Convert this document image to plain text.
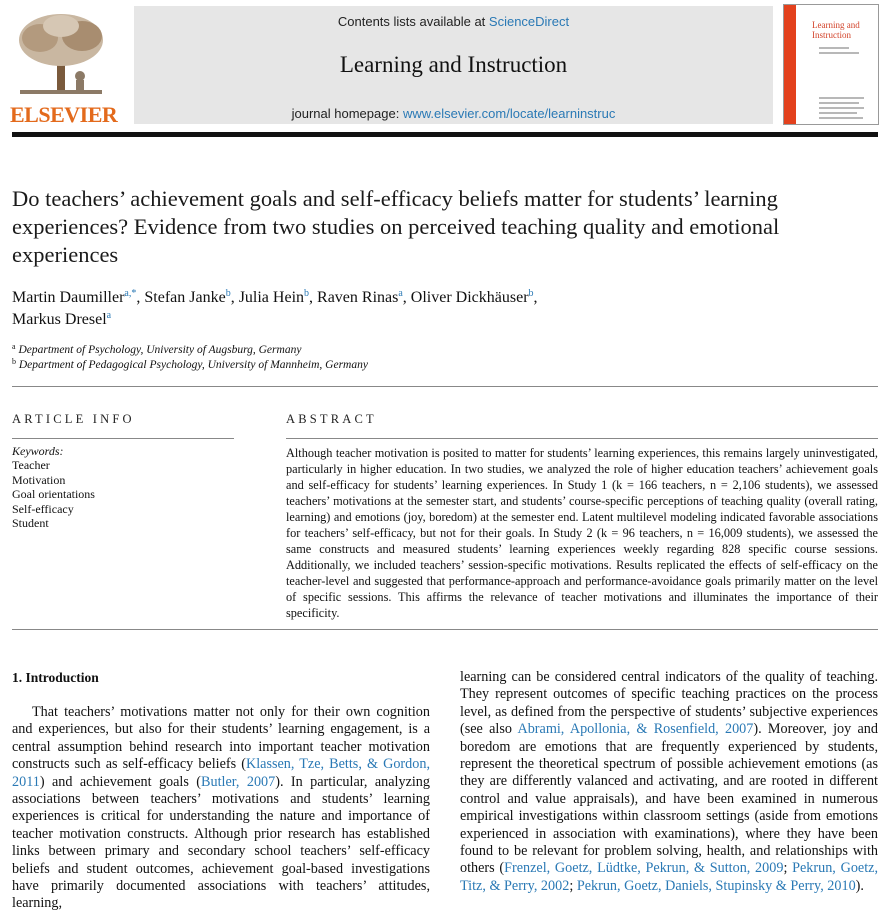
ELSEVIER
Contents lists available at ScienceDirect
Learning and Instruction
journal homepage: www.elsevier.com/locate/learninstruc
Learning and Instruction
Do teachers’ achievement goals and self-efficacy beliefs matter for students’ learning experiences? Evidence from two studies on perceived teaching quality and emotional experiences
Martin Daumiller$^{a,*}$, Stefan Janke$^b$, Julia Hein$^b$, Raven Rinas$^a$, Oliver Dickhäuser$^b$,
Markus Dresel$^a$
$^a$ Department of Psychology, University of Augsburg, Germany
$^b$ Department of Pedagogical Psychology, University of Mannheim, Germany
ARTICLE INFO
Keywords:
Teacher
Motivation
Goal orientations
Self-efficacy
Student
ABSTRACT
Although teacher motivation is posited to matter for students’ learning experiences, this remains largely uninvestigated, particularly in higher education. In two studies, we analyzed the role of higher education teachers’ achievement goals and self-efficacy for students’ learning experiences. In Study 1 (k = 166 teachers, n = 2,106 students), we assessed teachers’ motivations at the semester start, and students’ course-specific perceptions of teaching quality (overall rating, learning) and emotions (joy, boredom) at the semester end. Latent multilevel modeling indicated favorable associations for teachers’ self-efficacy, but not for their goals. In Study 2 (k = 96 teachers, n = 16,009 students), we assessed the same constructs and measured students’ learning experiences weekly regarding 828 specific course sessions. Additionally, we included teachers’ session-specific motivations. Results replicated the effects of self-efficacy on the teacher-level and suggested that performance-approach and performance-avoidance goals primarily matter on the level of specific sessions. This affirms the relevance of teacher motivations and illuminates the importance of their specificity.
1. Introduction
That teachers’ motivations matter not only for their own cognition and experiences, but also for their students’ learning engagement, is a central assumption behind research into important teacher motivation constructs such as self-efficacy beliefs (Klassen, Tze, Betts, & Gordon, 2011) and achievement goals (Butler, 2007). In particular, analyzing associations between teachers’ motivations and students’ learning experiences is critical for understanding the nature and importance of teacher motivation constructs. Although prior research has established links between primary and secondary school teachers’ self-efficacy beliefs and student outcomes, achievement goal-based investigations have primarily documented associations with teachers’ attitudes, learning,
learning can be considered central indicators of the quality of teaching. They represent outcomes of specific teaching practices on the process level, as defined from the perspective of students’ subjective experiences (see also Abrami, Apollonia, & Rosenfield, 2007). Moreover, joy and boredom are emotions that are frequently experienced by students, represent the theoretical spectrum of possible achievement emotions (as they are differently valanced and activating, and are rooted in different control and value appraisals), and have been examined in numerous empirical investigations within classroom settings (aside from emotions experienced in association with examinations), where they have been found to be relevant for problem solving, health, and relationships with others (Frenzel, Goetz, Lüdtke, Pekrun, & Sutton, 2009; Pekrun, Goetz, Titz, & Perry, 2002; Pekrun, Goetz, Daniels, Stupinsky & Perry, 2010).
